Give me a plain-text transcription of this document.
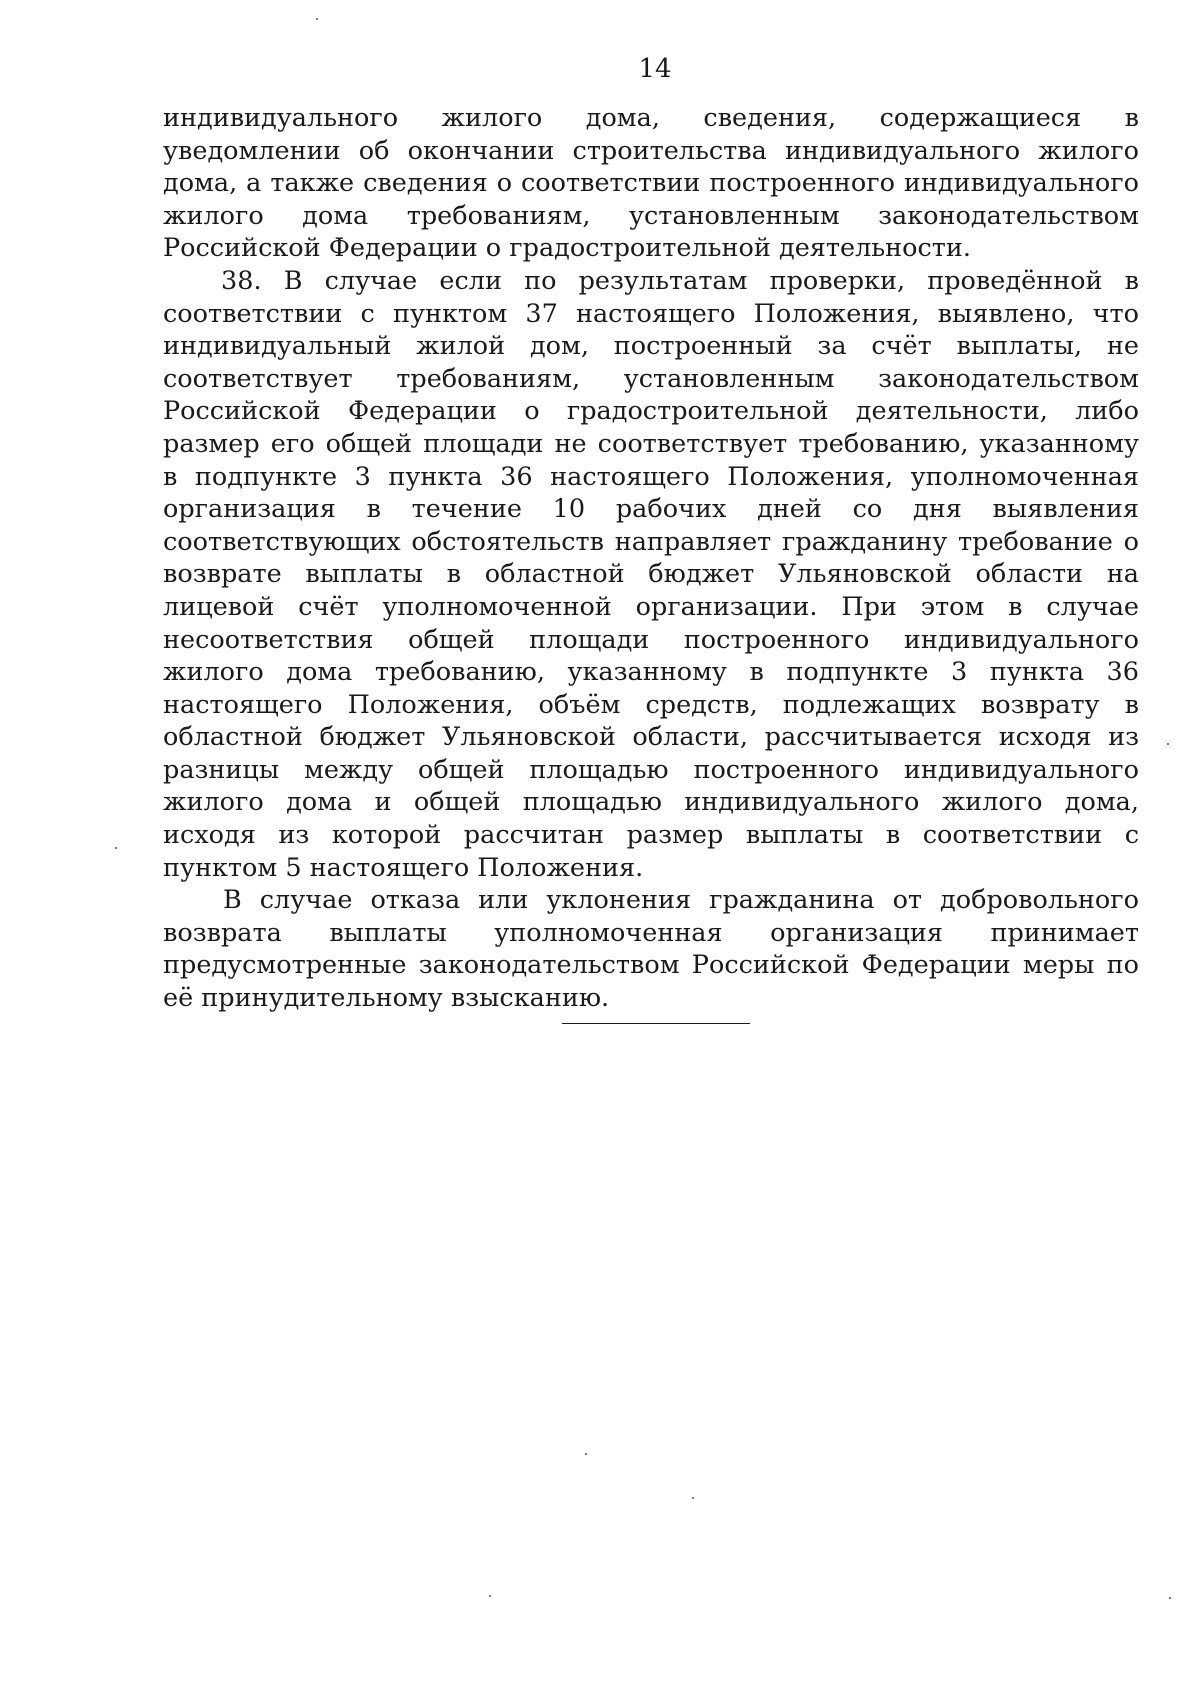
14

индивидуального жилого дома, сведения, содержащиеся в уведомлении об окончании строительства индивидуального жилого дома, а также сведения о соответствии построенного индивидуального жилого дома требованиям, установленным законодательством Российской Федерации о градостроительной деятельности.

38. В случае если по результатам проверки, проведённой в соответствии с пунктом 37 настоящего Положения, выявлено, что индивидуальный жилой дом, построенный за счёт выплаты, не соответствует требованиям, установленным законодательством Российской Федерации о градостроительной деятельности, либо размер его общей площади не соответствует требованию, указанному в подпункте 3 пункта 36 настоящего Положения, уполномоченная организация в течение 10 рабочих дней со дня выявления соответствующих обстоятельств направляет гражданину требование о возврате выплаты в областной бюджет Ульяновской области на лицевой счёт уполномоченной организации. При этом в случае несоответствия общей площади построенного индивидуального жилого дома требованию, указанному в подпункте 3 пункта 36 настоящего Положения, объём средств, подлежащих возврату в областной бюджет Ульяновской области, рассчитывается исходя из разницы между общей площадью построенного индивидуального жилого дома и общей площадью индивидуального жилого дома, исходя из которой рассчитан размер выплаты в соответствии с пунктом 5 настоящего Положения.

В случае отказа или уклонения гражданина от добровольного возврата выплаты уполномоченная организация принимает предусмотренные законодательством Российской Федерации меры по её принудительному взысканию.
